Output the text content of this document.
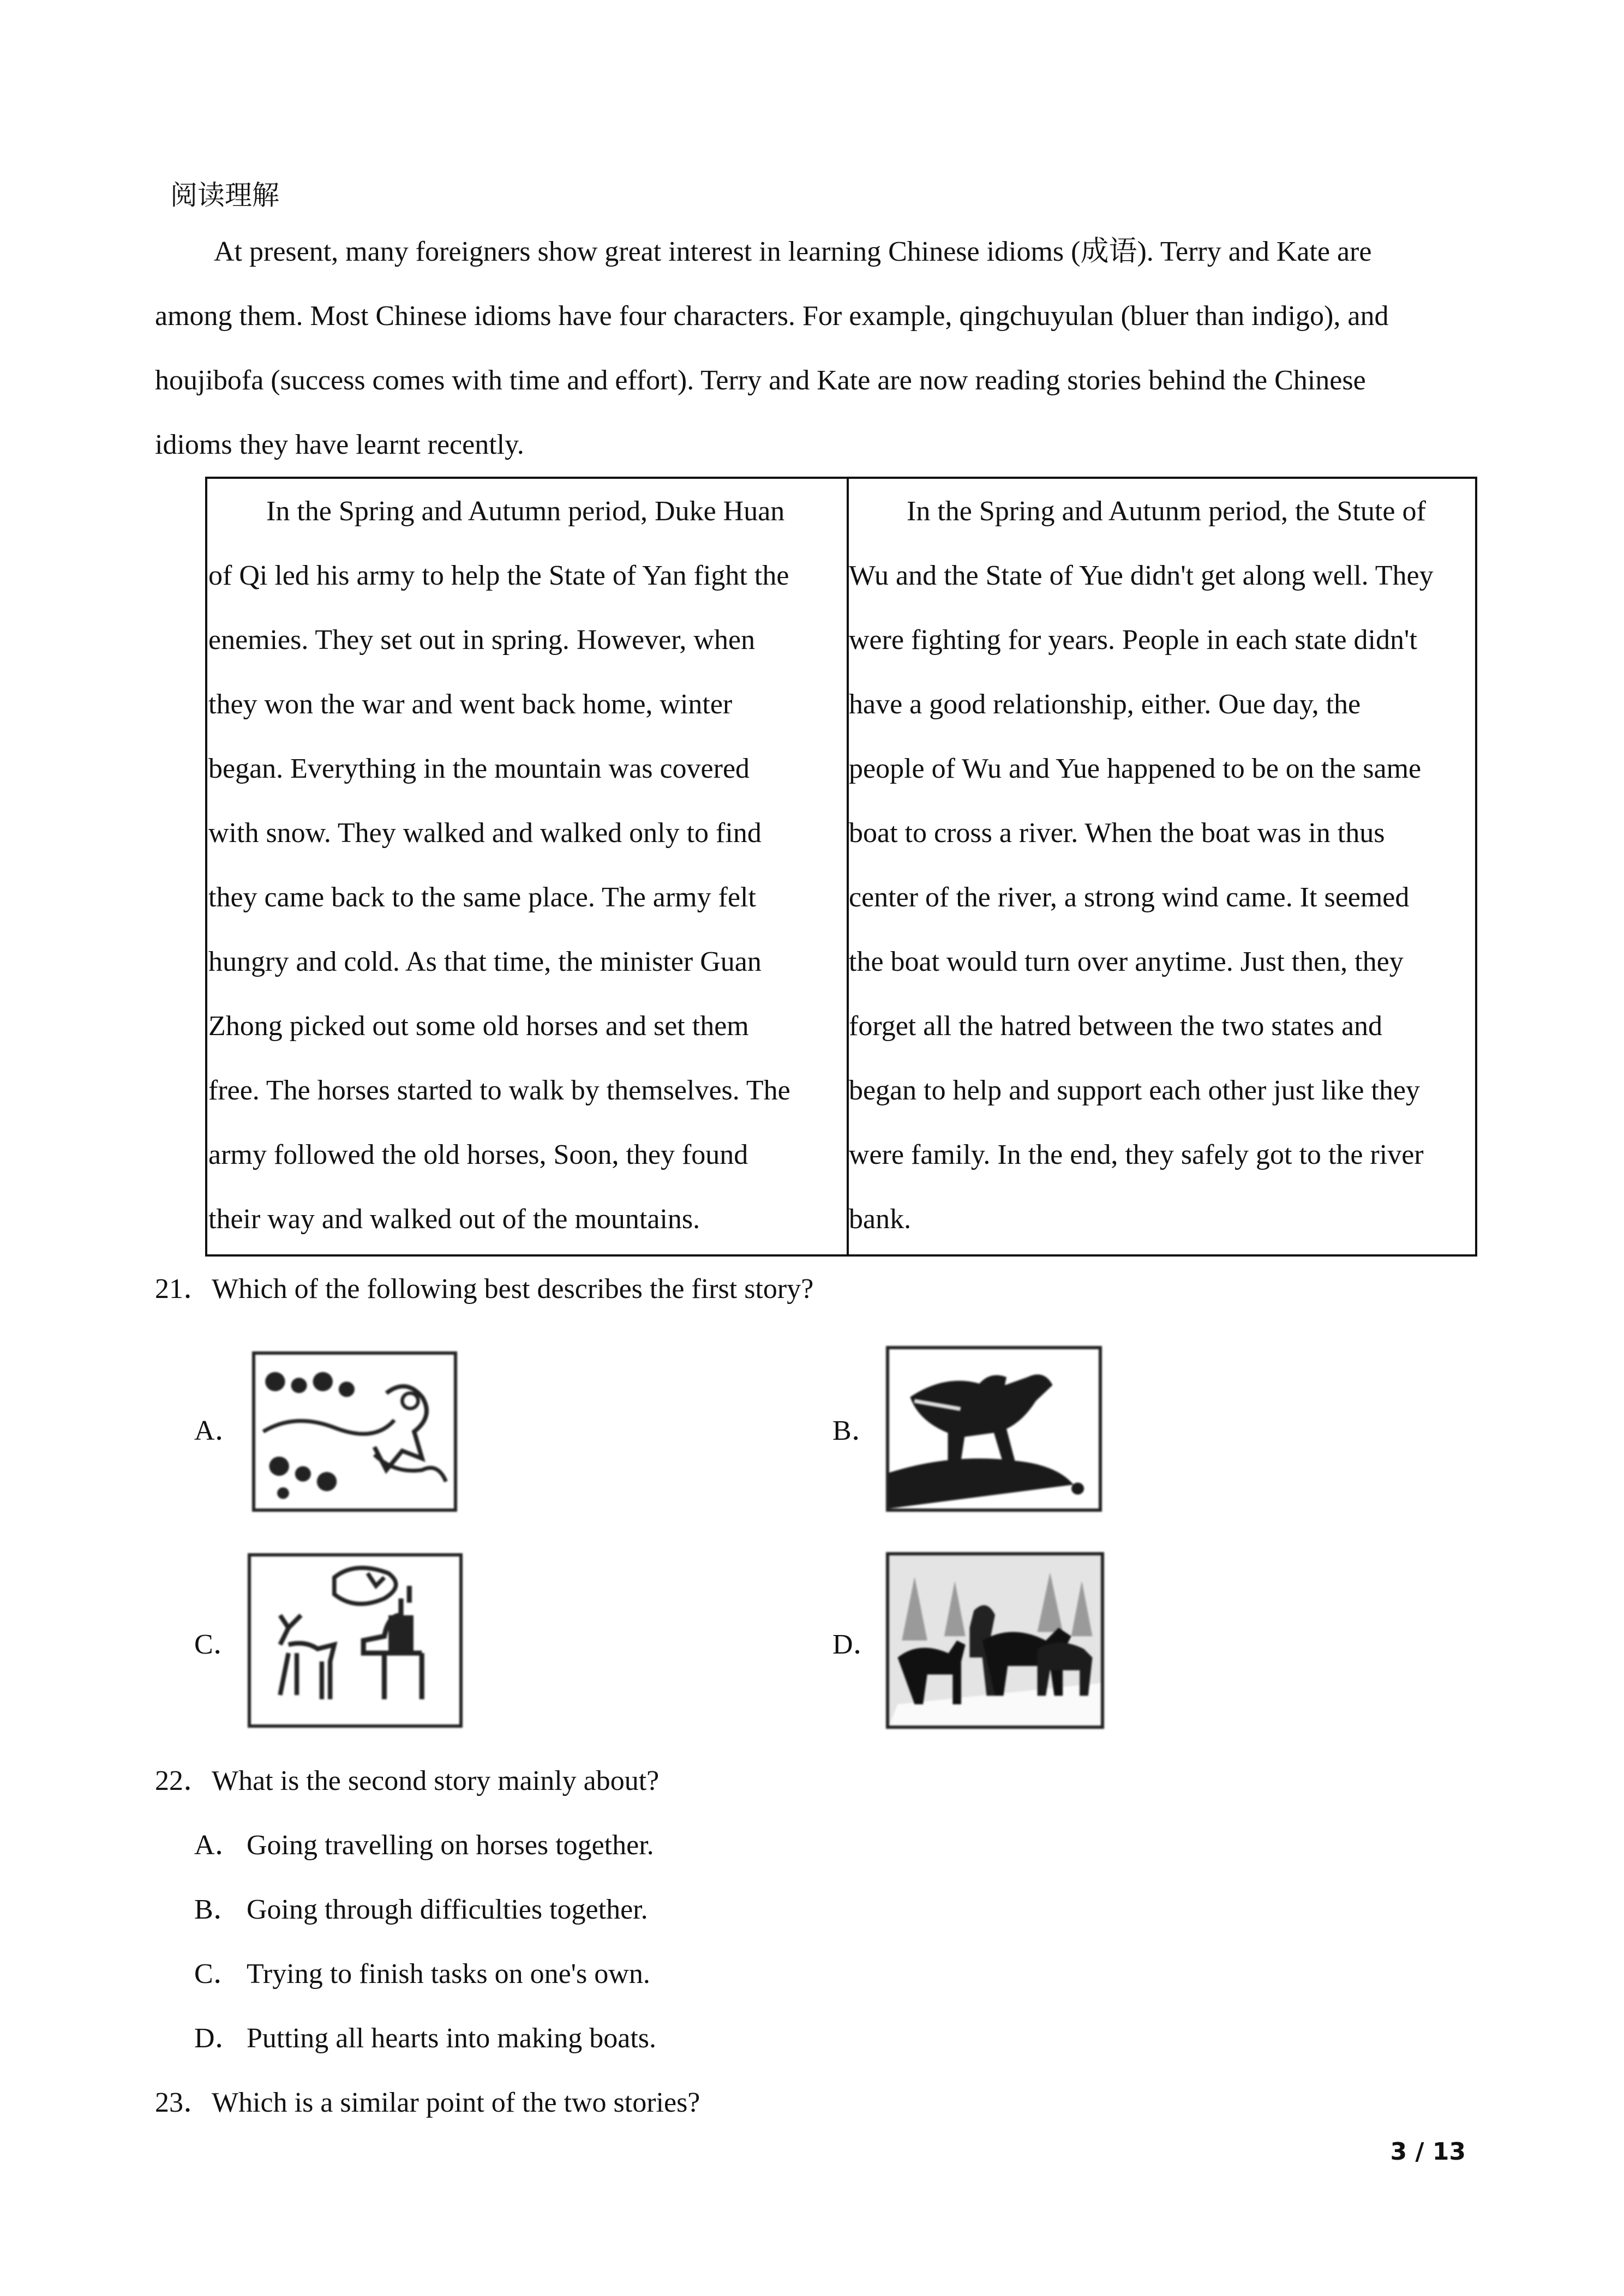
阅读理解
At present, many foreigners show great interest in learning Chinese idioms (成语). Terry and Kate are
among them. Most Chinese idioms have four characters. For example, qingchuyulan (bluer than indigo), and
houjibofa (success comes with time and effort). Terry and Kate are now reading stories behind the Chinese
idioms they have learnt recently.
In the Spring and Autumn period, Duke Huan
of Qi led his army to help the State of Yan fight the
enemies. They set out in spring. However, when
they won the war and went back home, winter
began. Everything in the mountain was covered
with snow. They walked and walked only to find
they came back to the same place. The army felt
hungry and cold. As that time, the minister Guan
Zhong picked out some old horses and set them
free. The horses started to walk by themselves. The
army followed the old horses, Soon, they found
their way and walked out of the mountains.
In the Spring and Autunm period, the Stute of
Wu and the State of Yue didn't get along well. They
were fighting for years. People in each state didn't
have a good relationship, either. Oue day, the
people of Wu and Yue happened to be on the same
boat to cross a river. When the boat was in thus
center of the river, a strong wind came. It seemed
the boat would turn over anytime. Just then, they
forget all the hatred between the two states and
began to help and support each other just like they
were family. In the end, they safely got to the river
bank.
21．Which of the following best describes the first story?
A．	B．
C．	D．
22．What is the second story mainly about?
A． Going travelling on horses together.
B． Going through difficulties together.
C． Trying to finish tasks on one's own.
D． Putting all hearts into making boats.
23．Which is a similar point of the two stories?
3 / 13
